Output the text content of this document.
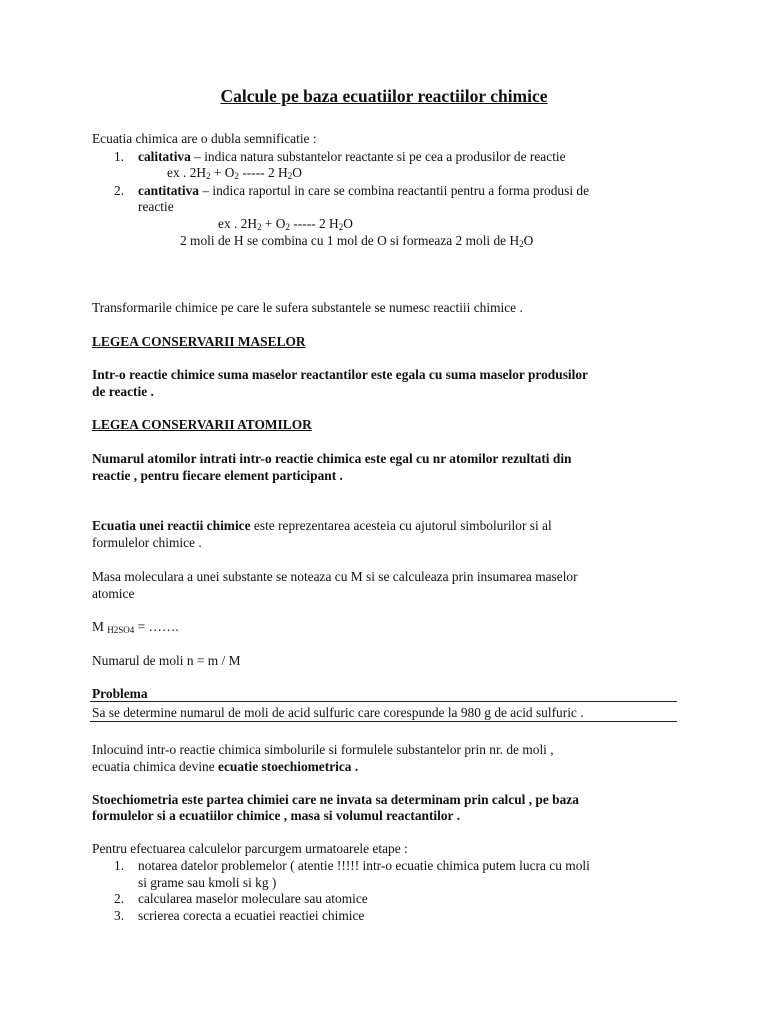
Calcule pe baza ecuatiilor reactiilor chimice
Ecuatia chimica are o dubla semnificatie :
1. calitativa – indica natura substantelor reactante si pe cea a produsilor de reactie
ex . $2H_2 + O_2$ ----- 2 $H_2O$
2. cantitativa – indica raportul in care se combina reactantii pentru a forma produsi de
reactie
ex . $2H_2 + O_2$ ----- 2 $H_2O$
2 moli de H se combina cu 1 mol de O si formeaza 2 moli de $H_2O$
Transformarile chimice pe care le sufera substantele se numesc reactiii chimice .
LEGEA CONSERVARII MASELOR
Intr-o reactie chimice suma maselor reactantilor este egala cu suma maselor produsilor
de reactie .
LEGEA CONSERVARII ATOMILOR
Numarul atomilor intrati intr-o reactie chimica este egal cu nr atomilor rezultati din
reactie , pentru fiecare element participant .
Ecuatia unei reactii chimice este reprezentarea acesteia cu ajutorul simbolurilor si al
formulelor chimice .
Masa moleculara a unei substante se noteaza cu M si se calculeaza prin insumarea maselor
atomice
M $_{H2SO4}$ = …….
Numarul de moli n = m / M
Problema
Sa se determine numarul de moli de acid sulfuric care corespunde la 980 g de acid sulfuric .
Inlocuind intr-o reactie chimica simbolurile si formulele substantelor prin nr. de moli ,
ecuatia chimica devine ecuatie stoechiometrica .
Stoechiometria este partea chimiei care ne invata sa determinam prin calcul , pe baza
formulelor si a ecuatiilor chimice , masa si volumul reactantilor .
Pentru efectuarea calculelor parcurgem urmatoarele etape :
1. notarea datelor problemelor ( atentie !!!!! intr-o ecuatie chimica putem lucra cu moli
si grame sau kmoli si kg )
2. calcularea maselor moleculare sau atomice
3. scrierea corecta a ecuatiei reactiei chimice
